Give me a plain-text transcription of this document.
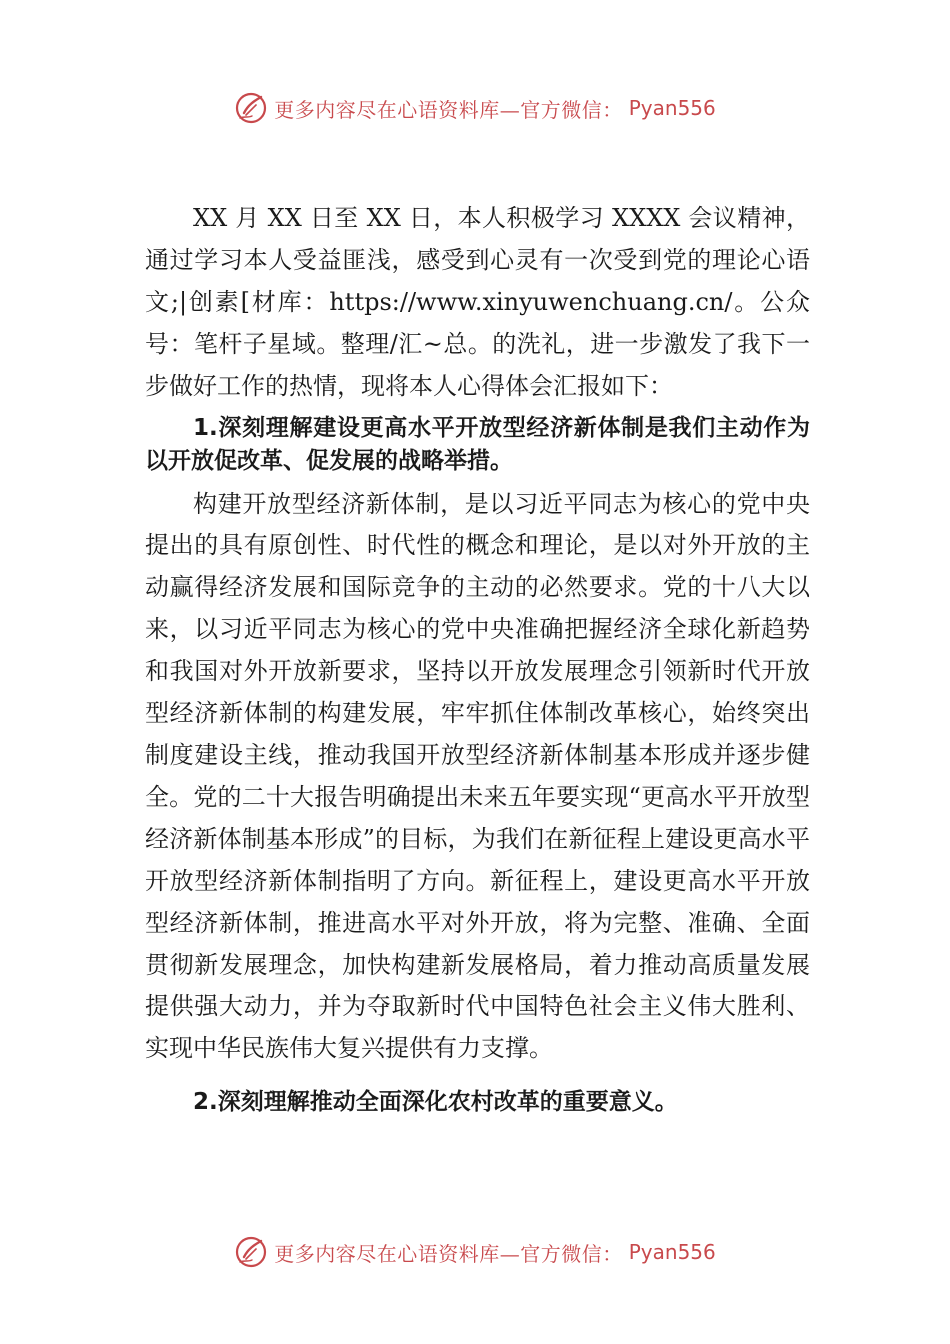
更多内容尽在心语资料库—官方微信： Pyan556

XX 月 XX 日至 XX 日，本人积极学习 XXXX 会议精神，通过学习本人受益匪浅，感受到心灵有一次受到党的理论心语文;|创素[材库：https://www.xinyuwenchuang.cn/。公众号：笔杆子星域。整理/汇~总。的洗礼，进一步激发了我下一步做好工作的热情，现将本人心得体会汇报如下：

1.深刻理解建设更高水平开放型经济新体制是我们主动作为以开放促改革、促发展的战略举措。

构建开放型经济新体制，是以习近平同志为核心的党中央提出的具有原创性、时代性的概念和理论，是以对外开放的主动赢得经济发展和国际竞争的主动的必然要求。党的十八大以来，以习近平同志为核心的党中央准确把握经济全球化新趋势和我国对外开放新要求，坚持以开放发展理念引领新时代开放型经济新体制的构建发展，牢牢抓住体制改革核心，始终突出制度建设主线，推动我国开放型经济新体制基本形成并逐步健全。党的二十大报告明确提出未来五年要实现“更高水平开放型经济新体制基本形成”的目标，为我们在新征程上建设更高水平开放型经济新体制指明了方向。新征程上，建设更高水平开放型经济新体制，推进高水平对外开放，将为完整、准确、全面贯彻新发展理念，加快构建新发展格局，着力推动高质量发展提供强大动力，并为夺取新时代中国特色社会主义伟大胜利、实现中华民族伟大复兴提供有力支撑。

2.深刻理解推动全面深化农村改革的重要意义。

更多内容尽在心语资料库—官方微信： Pyan556
